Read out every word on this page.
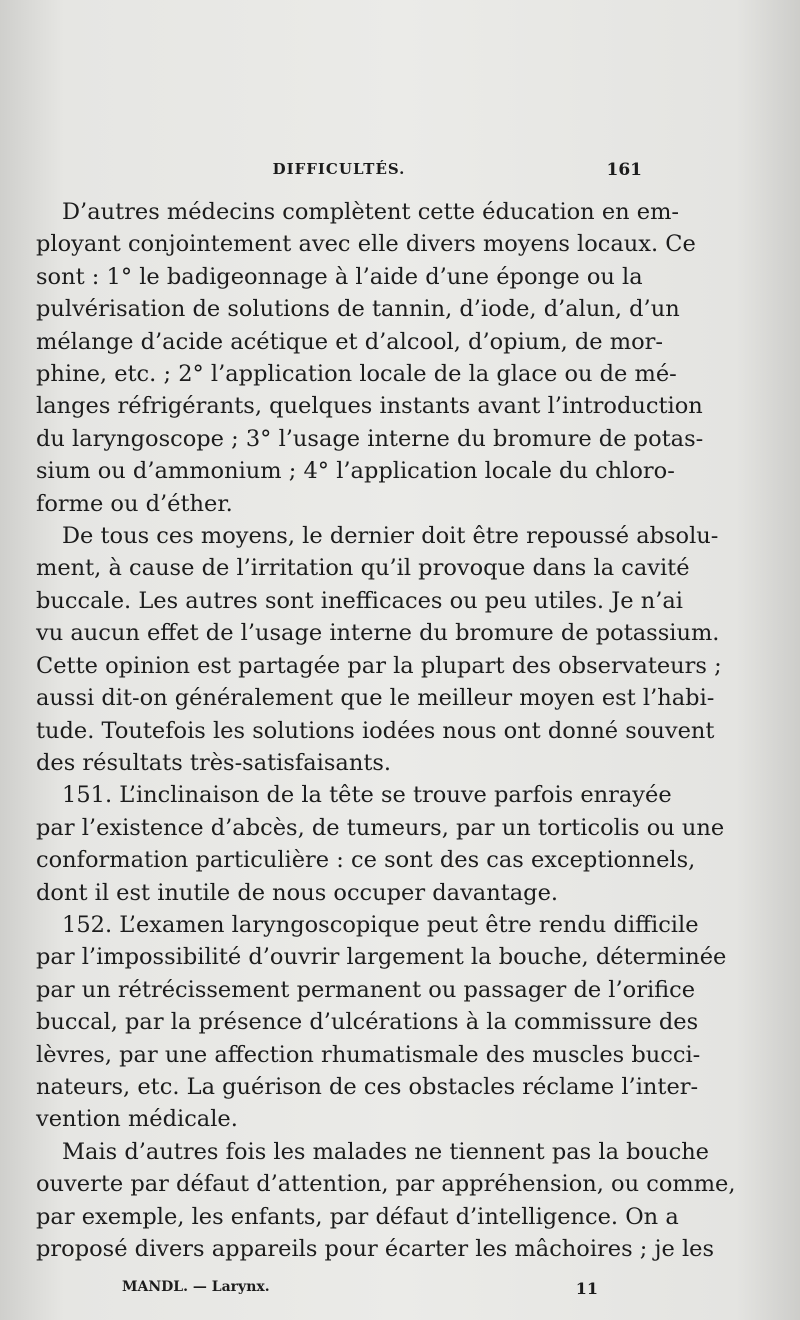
DIFFICULTÉS.	161

D’autres médecins complètent cette éducation en em-
ployant conjointement avec elle divers moyens locaux. Ce
sont : 1° le badigeonnage à l’aide d’une éponge ou la
pulvérisation de solutions de tannin, d’iode, d’alun, d’un
mélange d’acide acétique et d’alcool, d’opium, de mor-
phine, etc. ; 2° l’application locale de la glace ou de mé-
langes réfrigérants, quelques instants avant l’introduction
du laryngoscope ; 3° l’usage interne du bromure de potas-
sium ou d’ammonium ; 4° l’application locale du chloro-
forme ou d’éther.

De tous ces moyens, le dernier doit être repoussé absolu-
ment, à cause de l’irritation qu’il provoque dans la cavité
buccale. Les autres sont inefficaces ou peu utiles. Je n’ai
vu aucun effet de l’usage interne du bromure de potassium.
Cette opinion est partagée par la plupart des observateurs ;
aussi dit-on généralement que le meilleur moyen est l’habi-
tude. Toutefois les solutions iodées nous ont donné souvent
des résultats très-satisfaisants.

151. L’inclinaison de la tête se trouve parfois enrayée
par l’existence d’abcès, de tumeurs, par un torticolis ou une
conformation particulière : ce sont des cas exceptionnels,
dont il est inutile de nous occuper davantage.

152. L’examen laryngoscopique peut être rendu difficile
par l’impossibilité d’ouvrir largement la bouche, déterminée
par un rétrécissement permanent ou passager de l’orifice
buccal, par la présence d’ulcérations à la commissure des
lèvres, par une affection rhumatismale des muscles bucci-
nateurs, etc. La guérison de ces obstacles réclame l’inter-
vention médicale.

Mais d’autres fois les malades ne tiennent pas la bouche
ouverte par défaut d’attention, par appréhension, ou comme,
par exemple, les enfants, par défaut d’intelligence. On a
proposé divers appareils pour écarter les mâchoires ; je les

MANDL. — Larynx.	11
